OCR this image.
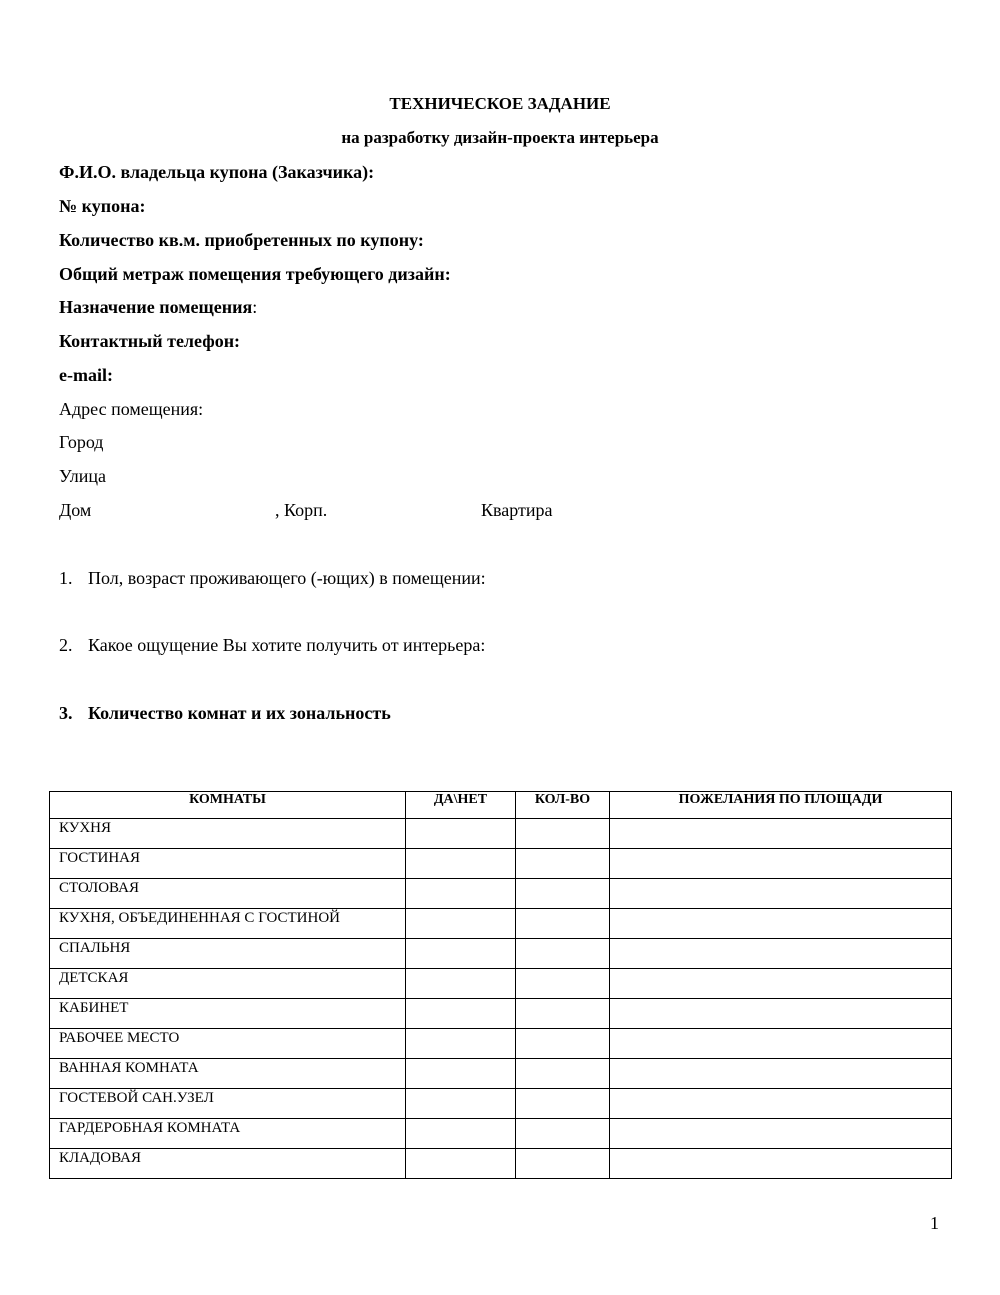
ТЕХНИЧЕСКОЕ ЗАДАНИЕ
на разработку дизайн-проекта интерьера
Ф.И.О. владельца купона (Заказчика):
№ купона:
Количество кв.м. приобретенных по купону:
Общий метраж помещения требующего дизайн:
Назначение помещения:
Контактный телефон:
e-mail:
Адрес помещения:
Город
Улица
Дом	, Корп.	Квартира
1. Пол, возраст проживающего (-ющих) в помещении:
2. Какое ощущение Вы хотите получить от интерьера:
3. Количество комнат и их зональность
КОМНАТЫ	ДА\НЕТ	КОЛ-ВО	ПОЖЕЛАНИЯ ПО ПЛОЩАДИ
КУХНЯ			
ГОСТИНАЯ			
СТОЛОВАЯ			
КУХНЯ, ОБЪЕДИНЕННАЯ С ГОСТИНОЙ			
СПАЛЬНЯ			
ДЕТСКАЯ			
КАБИНЕТ			
РАБОЧЕЕ МЕСТО			
ВАННАЯ КОМНАТА			
ГОСТЕВОЙ САН.УЗЕЛ			
ГАРДЕРОБНАЯ КОМНАТА			
КЛАДОВАЯ			
1
